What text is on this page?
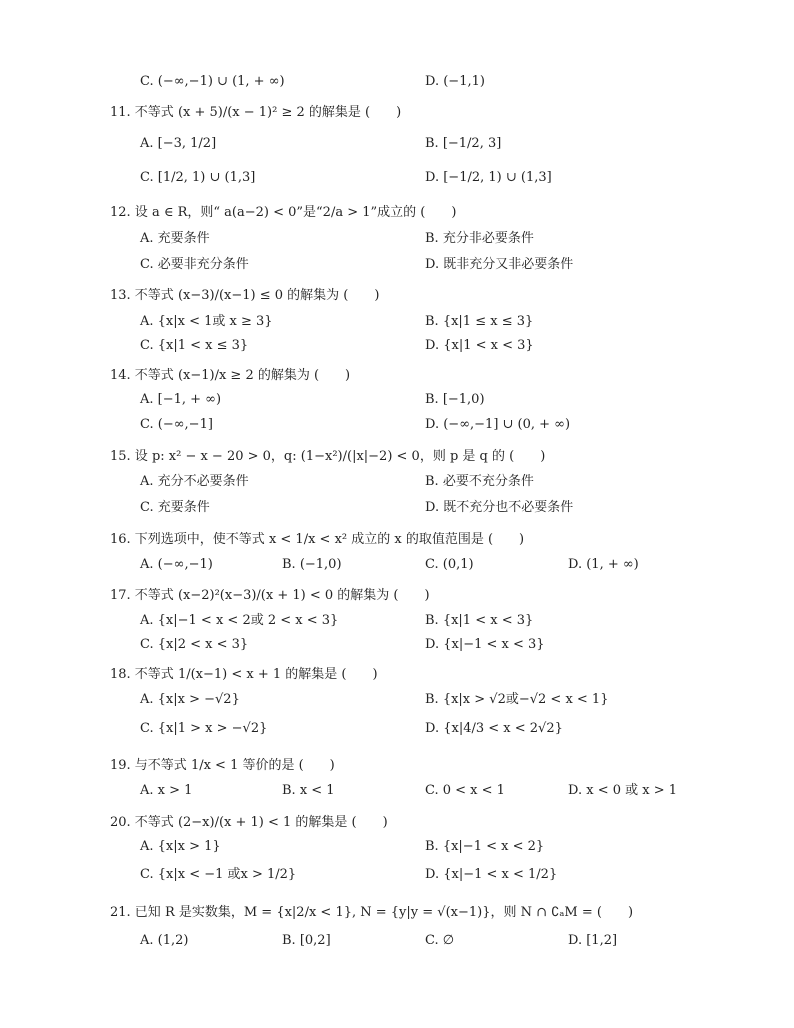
C. (−∞,−1) ∪ (1, + ∞)	D. (−1,1)
11. 不等式 (x + 5)/(x − 1)² ≥ 2 的解集是 (　　)
A. [−3, 1/2]	B. [−1/2, 3]
C. [1/2, 1) ∪ (1,3]	D. [−1/2, 1) ∪ (1,3]
12. 设 a ∈ R，则“ a(a−2) < 0”是“2/a > 1”成立的 (　　)
A. 充要条件	B. 充分非必要条件
C. 必要非充分条件	D. 既非充分又非必要条件
13. 不等式 (x−3)/(x−1) ≤ 0 的解集为 (　　)
A. {x|x < 1或 x ≥ 3}	B. {x|1 ≤ x ≤ 3}
C. {x|1 < x ≤ 3}	D. {x|1 < x < 3}
14. 不等式 (x−1)/x ≥ 2 的解集为 (　　)
A. [−1, + ∞)	B. [−1,0)
C. (−∞,−1]	D. (−∞,−1] ∪ (0, + ∞)
15. 设 p: x² − x − 20 > 0，q: (1−x²)/(|x|−2) < 0，则 p 是 q 的 (　　)
A. 充分不必要条件	B. 必要不充分条件
C. 充要条件	D. 既不充分也不必要条件
16. 下列选项中，使不等式 x < 1/x < x² 成立的 x 的取值范围是 (　　)
A. (−∞,−1)	B. (−1,0)	C. (0,1)	D. (1, + ∞)
17. 不等式 (x−2)²(x−3)/(x + 1) < 0 的解集为 (　　)
A. {x|−1 < x < 2或 2 < x < 3}	B. {x|1 < x < 3}
C. {x|2 < x < 3}	D. {x|−1 < x < 3}
18. 不等式 1/(x−1) < x + 1 的解集是 (　　)
A. {x|x > −√2}	B. {x|x > √2或−√2 < x < 1}
C. {x|1 > x > −√2}	D. {x|4/3 < x < 2√2}
19. 与不等式 1/x < 1 等价的是 (　　)
A. x > 1	B. x < 1	C. 0 < x < 1	D. x < 0 或 x > 1
20. 不等式 (2−x)/(x + 1) < 1 的解集是 (　　)
A. {x|x > 1}	B. {x|−1 < x < 2}
C. {x|x < −1 或x > 1/2}	D. {x|−1 < x < 1/2}
21. 已知 R 是实数集，M = {x|2/x < 1}, N = {y|y = √(x−1)}，则 N ∩ ∁ₐM = (　　)
A. (1,2)	B. [0,2]	C. ∅	D. [1,2]
